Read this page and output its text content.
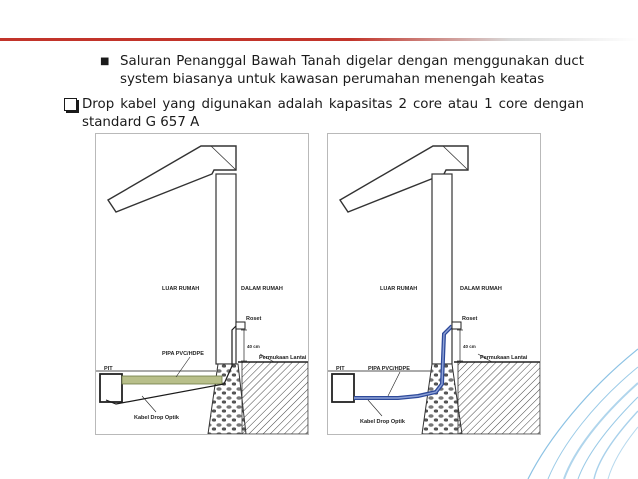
■ Saluran Penanggal Bawah Tanah digelar dengan menggunakan duct system biasanya untuk kawasan perumahan menengah keatas
Drop kabel yang digunakan adalah kapasitas 2 core atau 1 core dengan standard G 657 A
LUAR RUMAH	DALAM RUMAH
Roset
40 cm
PIPA PVC/HDPE
Permukaan Lantai
PIT
Kabel Drop Optik
LUAR RUMAH	DALAM RUMAH
Roset
40 cm
PIPA PVC/HDPE
Permukaan Lantai
PIT
Kabel Drop Optik
